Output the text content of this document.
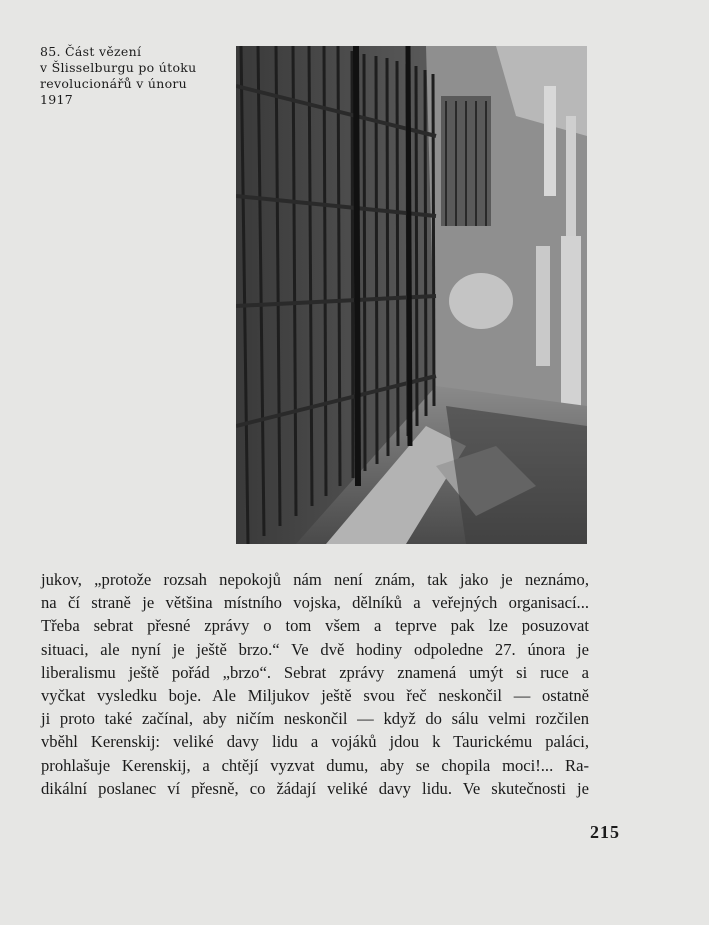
85. Část vězení
v Šlisselburgu po útoku
revolucionářů v únoru
1917
jukov, „protože rozsah nepokojů nám není znám, tak jako je neznámo,
na čí straně je většina místního vojska, dělníků a veřejných organisací...
Třeba sebrat přesné zprávy o tom všem a teprve pak lze posuzovat
situaci, ale nyní je ještě brzo.“ Ve dvě hodiny odpoledne 27. února je
liberalismu ještě pořád „brzo“. Sebrat zprávy znamená umýt si ruce a
vyčkat vysledku boje. Ale Miljukov ještě svou řeč neskončil — ostatně
ji proto také začínal, aby ničím neskončil — když do sálu velmi rozčilen
vběhl Kerenskij: veliké davy lidu a vojáků jdou k Taurickému paláci,
prohlašuje Kerenskij, a chtějí vyzvat dumu, aby se chopila moci!... Ra-
dikální poslanec ví přesně, co žádají veliké davy lidu. Ve skutečnosti je
215
